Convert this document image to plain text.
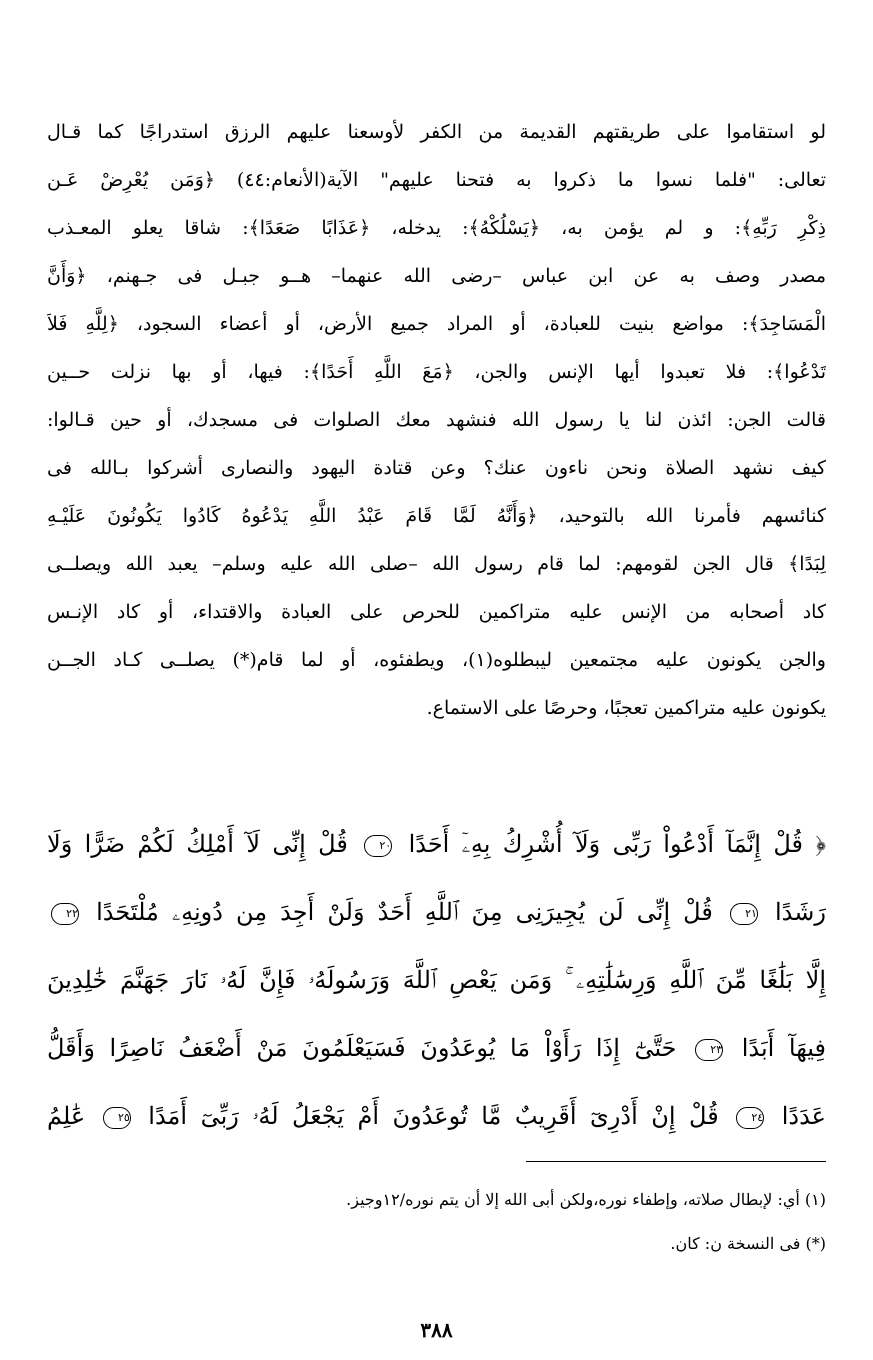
لو استقاموا على طريقتهم القديمة من الكفر لأوسعنا عليهم الرزق استدراجًا كما قـال
تعالى: "فلما نسوا ما ذكروا به فتحنا عليهم" الآية(الأنعام:٤٤) ﴿وَمَن يُعْرِضْ عَـن
ذِكْرِ رَبِّهِ﴾: و لم يؤمن به، ﴿يَسْلُكْهُ﴾: يدخله، ﴿عَذَابًا صَعَدًا﴾: شاقا يعلو المعـذب
مصدر وصف به عن ابن عباس –رضى الله عنهما– هــو جبـل فى جـهنم، ﴿وَأَنَّ
الْمَسَاجِدَ﴾: مواضع بنيت للعبادة، أو المراد جميع الأرض، أو أعضاء السجود، ﴿لِلَّهِ فَلاَ
تَدْعُوا﴾: فلا تعبدوا أيها الإنس والجن، ﴿مَعَ اللَّهِ أَحَدًا﴾: فيها، أو بها نزلت حــين
قالت الجن: ائذن لنا يا رسول الله فنشهد معك الصلوات فى مسجدك، أو حين قـالوا:
كيف نشهد الصلاة ونحن ناءون عنك؟ وعن قتادة اليهود والنصارى أشركوا بـالله فى
كنائسهم فأمرنا الله بالتوحيد، ﴿وَأَنَّهُ لَمَّا قَامَ عَبْدُ اللَّهِ يَدْعُوهُ كَادُوا يَكُونُونَ عَلَيْـهِ
لِبَدًا﴾ قال الجن لقومهم: لما قام رسول الله –صلى الله عليه وسلم– يعبد الله ويصلــى
كاد أصحابه من الإنس عليه متراكمين للحرص على العبادة والاقتداء، أو كاد الإنـس
والجن يكونون عليه مجتمعين ليبطلوه(١)، ويطفئوه، أو لما قام(*) يصلــى كـاد الجــن
يكونون عليه متراكمين تعجبًا، وحرصًا على الاستماع.
﴿ قُلْ إِنَّمَآ أَدْعُواْ رَبِّى وَلَآ أُشْرِكُ بِهِۦٓ أَحَدًا ٢٠ قُلْ إِنِّى لَآ أَمْلِكُ لَكُمْ ضَرًّا وَلَا
رَشَدًا ٢١ قُلْ إِنِّى لَن يُجِيرَنِى مِنَ ٱللَّهِ أَحَدٌ وَلَنْ أَجِدَ مِن دُونِهِۦ مُلْتَحَدًا ٢٢
إِلَّا بَلَٰغًا مِّنَ ٱللَّهِ وَرِسَٰلَٰتِهِۦ ۚ وَمَن يَعْصِ ٱللَّهَ وَرَسُولَهُۥ فَإِنَّ لَهُۥ نَارَ جَهَنَّمَ خَٰلِدِينَ
فِيهَآ أَبَدًا ٢٣ حَتَّىٰٓ إِذَا رَأَوْاْ مَا يُوعَدُونَ فَسَيَعْلَمُونَ مَنْ أَضْعَفُ نَاصِرًا وَأَقَلُّ
عَدَدًا ٢٤ قُلْ إِنْ أَدْرِىٓ أَقَرِيبٌ مَّا تُوعَدُونَ أَمْ يَجْعَلُ لَهُۥ رَبِّىٓ أَمَدًا ٢٥ عَٰلِمُ
(١) أي: لإبطال صلاته، وإطفاء نوره،ولكن أبى الله إلا أن يتم نوره/١٢وجيز.
(*) فى النسخة ن: كان.
٣٨٨
